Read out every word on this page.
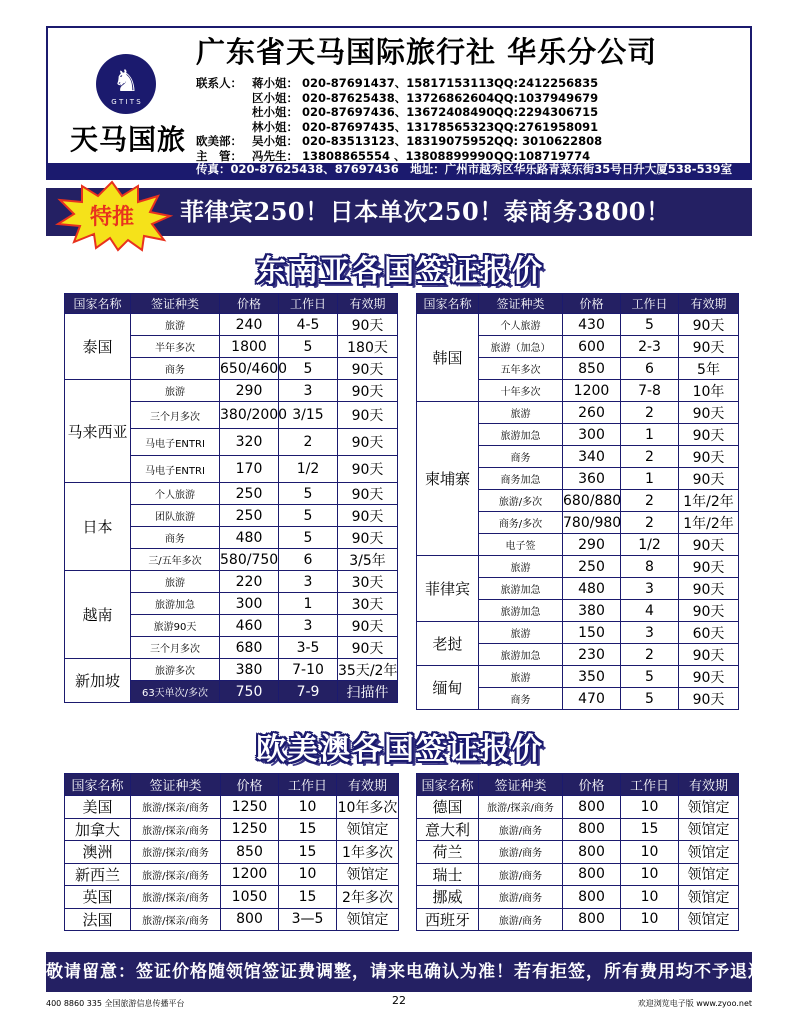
♞
G T I T S
天马国旅
广东省天马国际旅行社 华乐分公司
联系人： 蒋小姐： 020-87691437、15817153113QQ:2412256835
区小姐： 020-87625438、13726862604QQ:1037949679
杜小姐： 020-87697436、13672408490QQ:2294306715
林小姐： 020-87697435、13178565323QQ:2761958091
欧美部： 吴小姐： 020-83513123、18319075952QQ: 3010622808
主　管： 冯先生： 13808865554 、13808899990QQ:108719774
传真：020-87625438、87697436　地址：广州市越秀区华乐路青菜东街35号日升大厦538-539室
特推 菲律宾250！日本单次250！泰商务3800！
东南亚各国签证报价
国家名称	签证种类	价格	工作日	有效期
泰国	旅游	240	4-5	90天
	半年多次	1800	5	180天
	商务	650/4600	5	90天
马来西亚	旅游	290	3	90天
	三个月多次	380/2000	3/15	90天
	马电子ENTRI	320	2	90天
	马电子ENTRI	170	1/2	90天
日本	个人旅游	250	5	90天
	团队旅游	250	5	90天
	商务	480	5	90天
	三/五年多次	580/750	6	3/5年
越南	旅游	220	3	30天
	旅游加急	300	1	30天
	旅游90天	460	3	90天
	三个月多次	680	3-5	90天
新加坡	旅游多次	380	7-10	35天/2年
	63天单次/多次	750	7-9	扫描件
国家名称	签证种类	价格	工作日	有效期
韩国	个人旅游	430	5	90天
	旅游（加急）	600	2-3	90天
	五年多次	850	6	5年
	十年多次	1200	7-8	10年
柬埔寨	旅游	260	2	90天
	旅游加急	300	1	90天
	商务	340	2	90天
	商务加急	360	1	90天
	旅游/多次	680/880	2	1年/2年
	商务/多次	780/980	2	1年/2年
	电子签	290	1/2	90天
菲律宾	旅游	250	8	90天
	旅游加急	480	3	90天
	旅游加急	380	4	90天
老挝	旅游	150	3	60天
	旅游加急	230	2	90天
缅甸	旅游	350	5	90天
	商务	470	5	90天
欧美澳各国签证报价
国家名称	签证种类	价格	工作日	有效期
美国	旅游/探亲/商务	1250	10	10年多次
加拿大	旅游/探亲/商务	1250	15	领馆定
澳洲	旅游/探亲/商务	850	15	1年多次
新西兰	旅游/探亲/商务	1200	10	领馆定
英国	旅游/探亲/商务	1050	15	2年多次
法国	旅游/探亲/商务	800	3—5	领馆定
国家名称	签证种类	价格	工作日	有效期
德国	旅游/探亲/商务	800	10	领馆定
意大利	旅游/商务	800	15	领馆定
荷兰	旅游/商务	800	10	领馆定
瑞士	旅游/商务	800	10	领馆定
挪威	旅游/商务	800	10	领馆定
西班牙	旅游/商务	800	10	领馆定
敬请留意：签证价格随领馆签证费调整，请来电确认为准！若有拒签，所有费用均不予退还
400 8860 335 全国旅游信息传播平台	22	欢迎浏览电子版 www.zyoo.net
